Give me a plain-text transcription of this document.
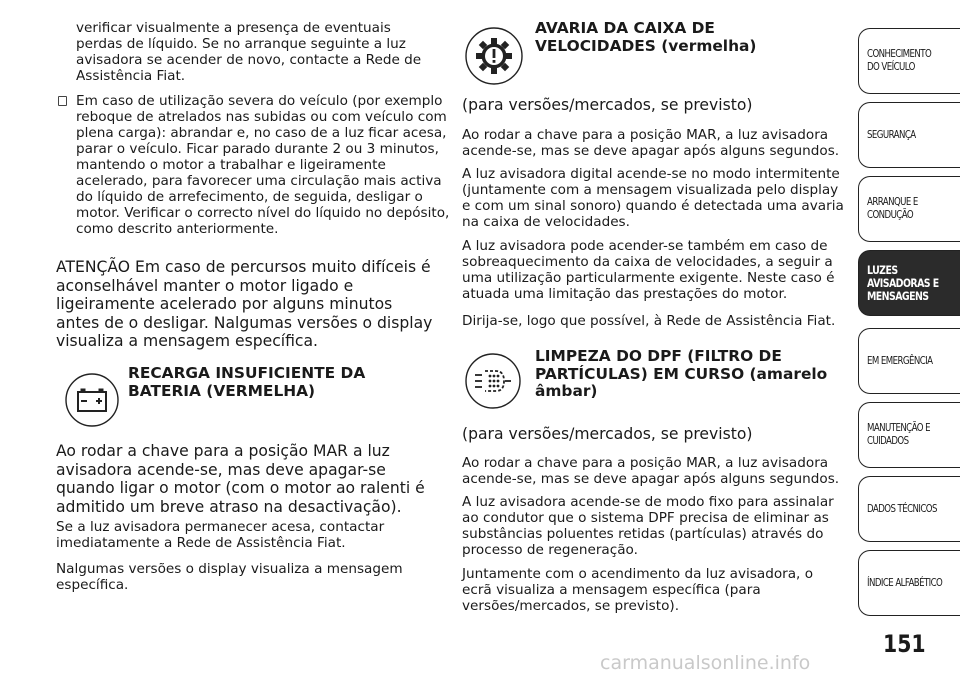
verificar visualmente a presença de eventuais perdas de líquido. Se no arranque seguinte a luz avisadora se acender de novo, contacte a Rede de Assistência Fiat.

Em caso de utilização severa do veículo (por exemplo reboque de atrelados nas subidas ou com veículo com plena carga): abrandar e, no caso de a luz ficar acesa, parar o veículo. Ficar parado durante 2 ou 3 minutos, mantendo o motor a trabalhar e ligeiramente acelerado, para favorecer uma circulação mais activa do líquido de arrefecimento, de seguida, desligar o motor. Verificar o correcto nível do líquido no depósito, como descrito anteriormente.

ATENÇÃO Em caso de percursos muito difíceis é aconselhável manter o motor ligado e ligeiramente acelerado por alguns minutos antes de o desligar. Nalgumas versões o display visualiza a mensagem específica.

RECARGA INSUFICIENTE DA BATERIA (VERMELHA)

Ao rodar a chave para a posição MAR a luz avisadora acende-se, mas deve apagar-se quando ligar o motor (com o motor ao ralenti é admitido um breve atraso na desactivação).

Se a luz avisadora permanecer acesa, contactar imediatamente a Rede de Assistência Fiat.

Nalgumas versões o display visualiza a mensagem específica.

AVARIA DA CAIXA DE VELOCIDADES (vermelha)

(para versões/mercados, se previsto)

Ao rodar a chave para a posição MAR, a luz avisadora acende-se, mas se deve apagar após alguns segundos.

A luz avisadora digital acende-se no modo intermitente (juntamente com a mensagem visualizada pelo display e com um sinal sonoro) quando é detectada uma avaria na caixa de velocidades.

A luz avisadora pode acender-se também em caso de sobreaquecimento da caixa de velocidades, a seguir a uma utilização particularmente exigente. Neste caso é atuada uma limitação das prestações do motor.

Dirija-se, logo que possível, à Rede de Assistência Fiat.

LIMPEZA DO DPF (FILTRO DE PARTÍCULAS) EM CURSO (amarelo âmbar)

(para versões/mercados, se previsto)

Ao rodar a chave para a posição MAR, a luz avisadora acende-se, mas se deve apagar após alguns segundos.

A luz avisadora acende-se de modo fixo para assinalar ao condutor que o sistema DPF precisa de eliminar as substâncias poluentes retidas (partículas) através do processo de regeneração.

Juntamente com o acendimento da luz avisadora, o ecrã visualiza a mensagem específica (para versões/mercados, se previsto).

CONHECIMENTO
DO VEÍCULO
SEGURANÇA
ARRANQUE E
CONDUÇÃO
LUZES
AVISADORAS E
MENSAGENS
EM EMERGÊNCIA
MANUTENÇÃO E
CUIDADOS
DADOS TÉCNICOS
ÍNDICE ALFABÉTICO
151
carmanualsonline.info
